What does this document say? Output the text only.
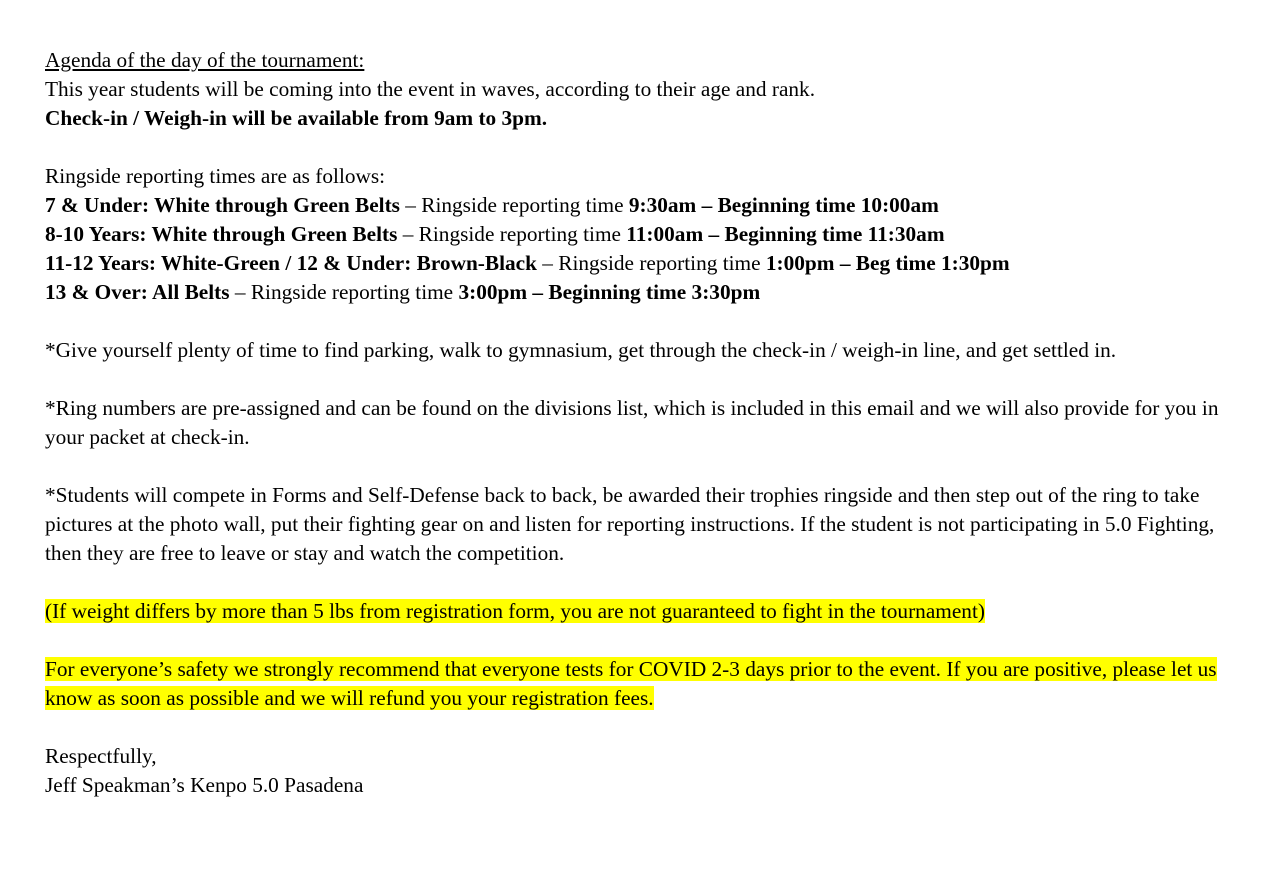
Agenda of the day of the tournament:
This year students will be coming into the event in waves, according to their age and rank.
Check-in / Weigh-in will be available from 9am to 3pm.
Ringside reporting times are as follows:
7 & Under: White through Green Belts – Ringside reporting time 9:30am – Beginning time 10:00am
8-10 Years: White through Green Belts – Ringside reporting time 11:00am – Beginning time 11:30am
11-12 Years: White-Green / 12 & Under: Brown-Black – Ringside reporting time 1:00pm – Beg time 1:30pm
13 & Over: All Belts – Ringside reporting time 3:00pm – Beginning time 3:30pm
*Give yourself plenty of time to find parking, walk to gymnasium, get through the check-in / weigh-in line, and get settled in.
*Ring numbers are pre-assigned and can be found on the divisions list, which is included in this email and we will also provide for you in your packet at check-in.
*Students will compete in Forms and Self-Defense back to back, be awarded their trophies ringside and then step out of the ring to take pictures at the photo wall, put their fighting gear on and listen for reporting instructions. If the student is not participating in 5.0 Fighting, then they are free to leave or stay and watch the competition.
(If weight differs by more than 5 lbs from registration form, you are not guaranteed to fight in the tournament)
For everyone’s safety we strongly recommend that everyone tests for COVID 2-3 days prior to the event. If you are positive, please let us know as soon as possible and we will refund you your registration fees.
Respectfully,
Jeff Speakman’s Kenpo 5.0 Pasadena
